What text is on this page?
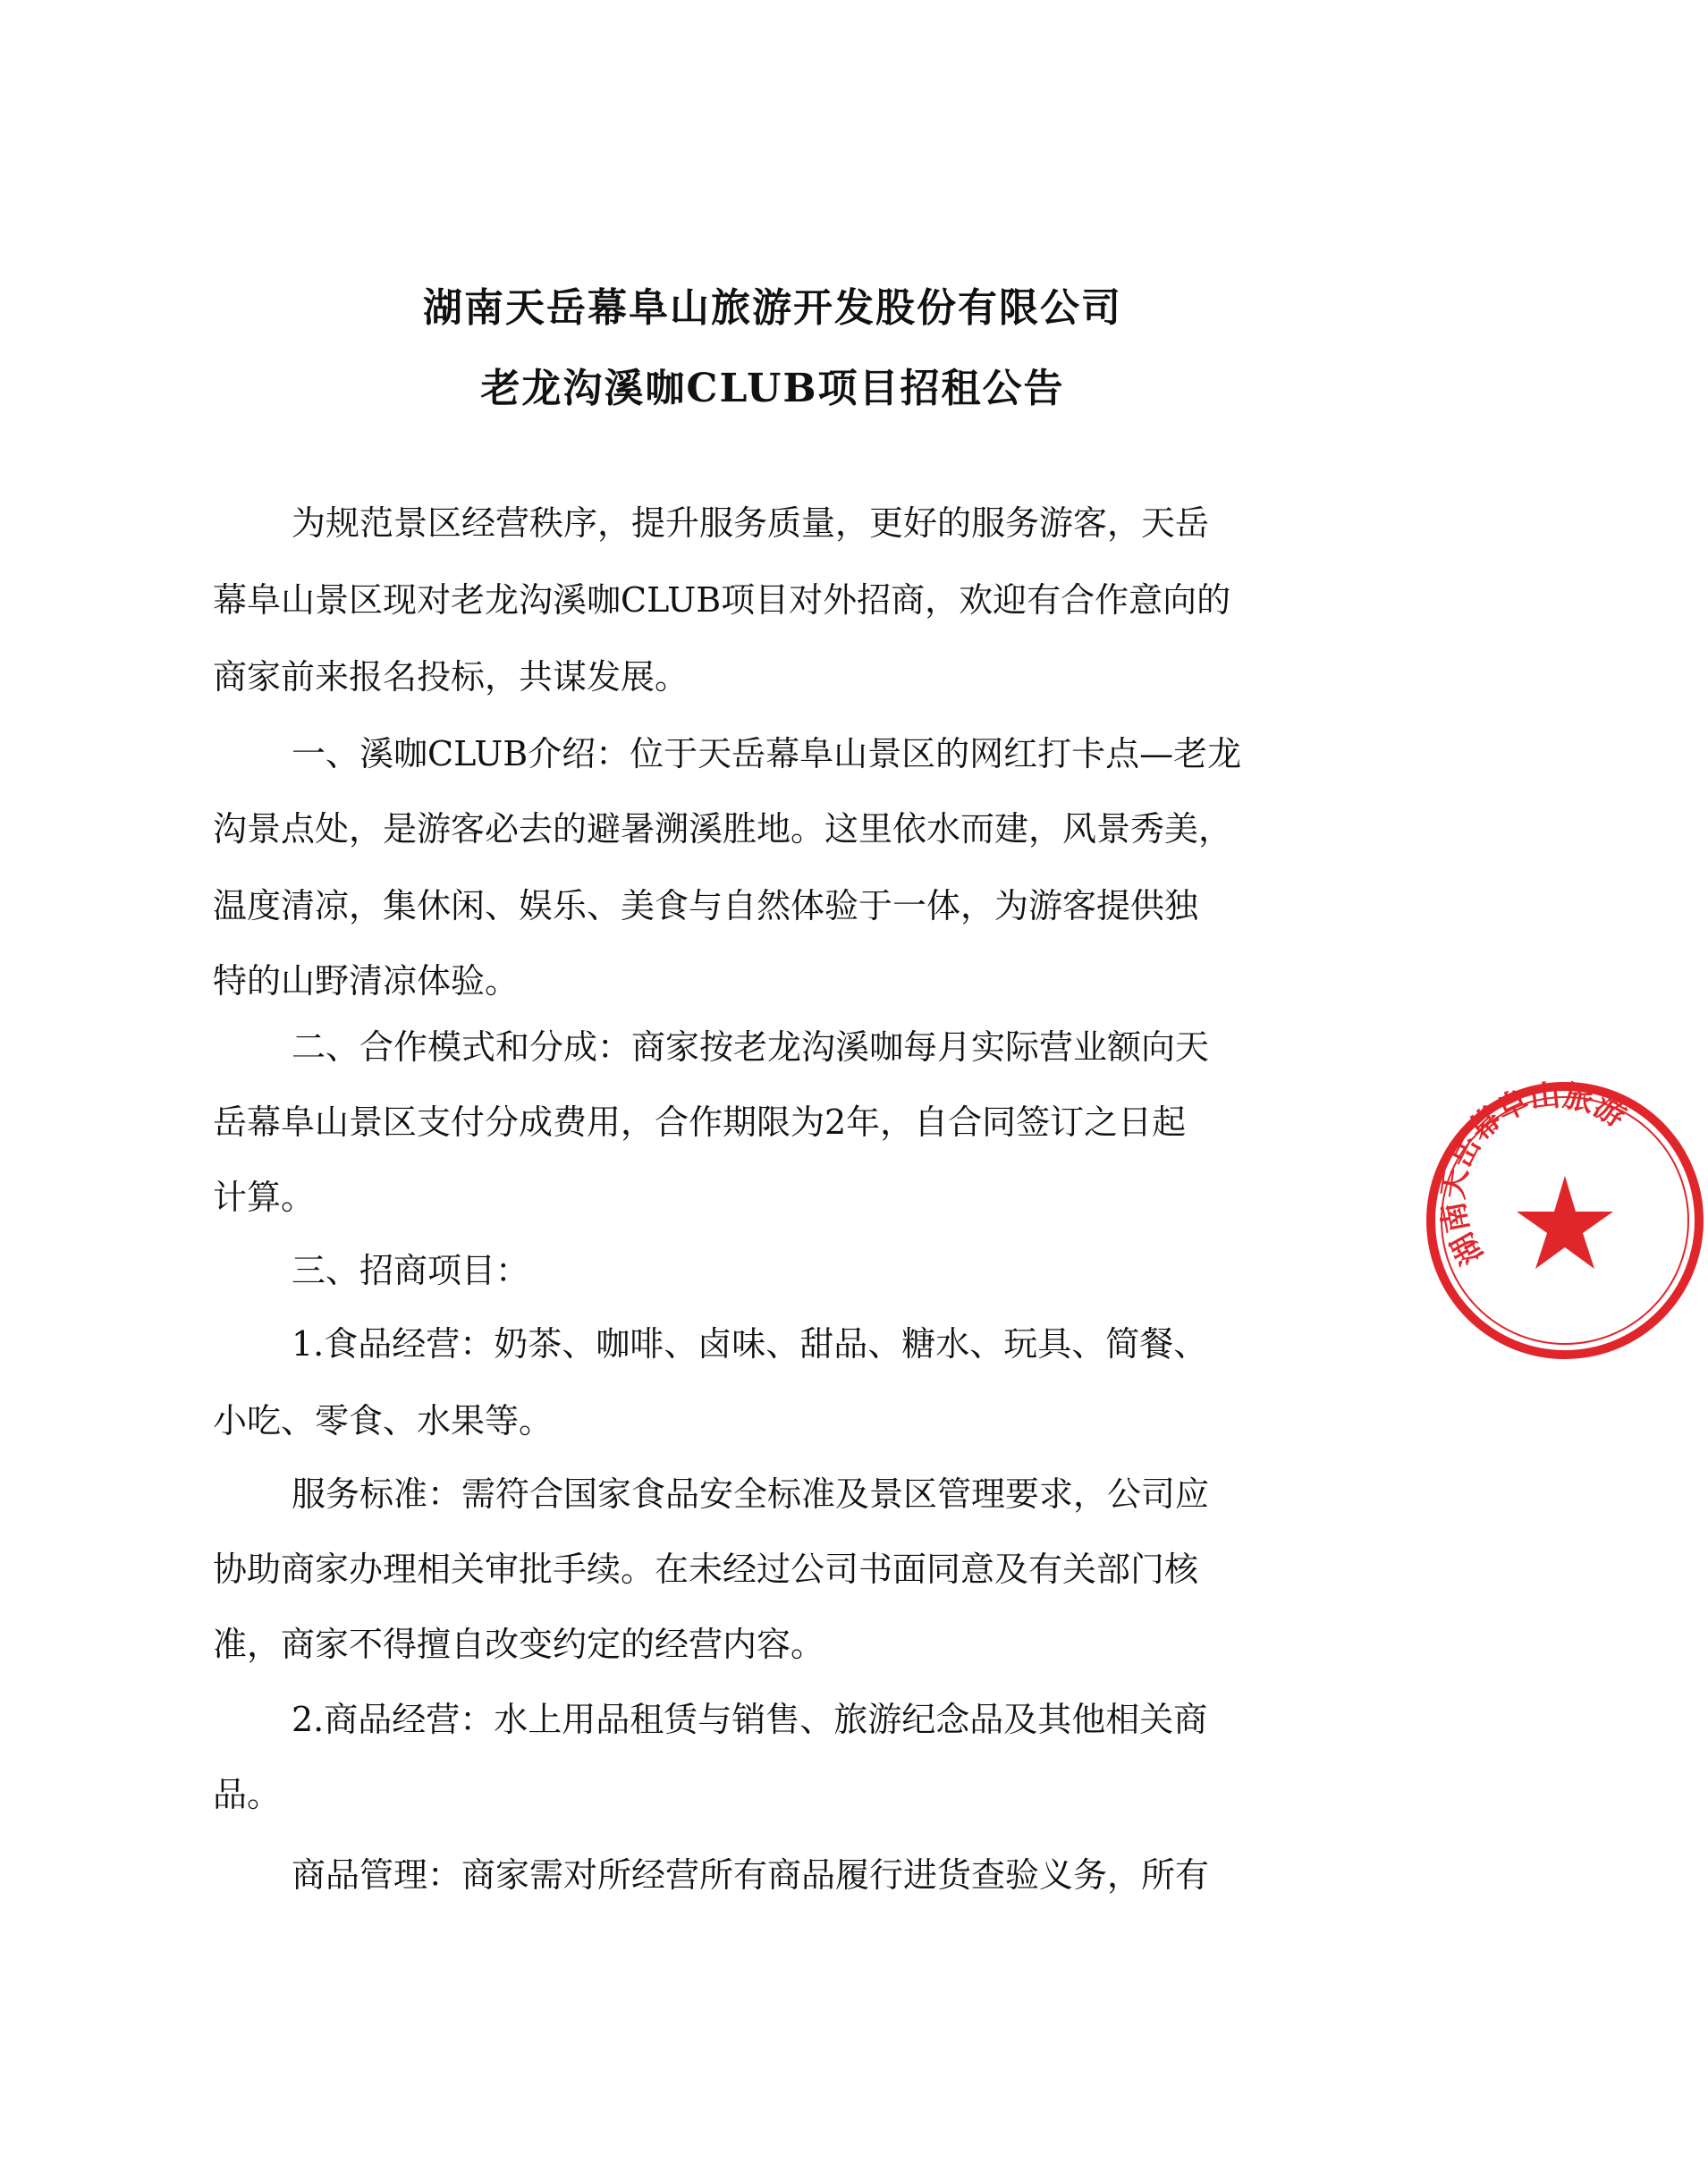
湖南天岳幕阜山旅游开发股份有限公司
老龙沟溪咖CLUB项目招租公告

为规范景区经营秩序，提升服务质量，更好的服务游客，天岳

幕阜山景区现对老龙沟溪咖CLUB项目对外招商，欢迎有合作意向的

商家前来报名投标，共谋发展。

一、溪咖CLUB介绍：位于天岳幕阜山景区的网红打卡点—老龙

沟景点处，是游客必去的避暑溯溪胜地。这里依水而建，风景秀美，

温度清凉，集休闲、娱乐、美食与自然体验于一体，为游客提供独

特的山野清凉体验。

二、合作模式和分成：商家按老龙沟溪咖每月实际营业额向天

岳幕阜山景区支付分成费用，合作期限为2年，自合同签订之日起

计算。

三、招商项目：

1.食品经营：奶茶、咖啡、卤味、甜品、糖水、玩具、简餐、

小吃、零食、水果等。

服务标准：需符合国家食品安全标准及景区管理要求，公司应

协助商家办理相关审批手续。在未经过公司书面同意及有关部门核

准，商家不得擅自改变约定的经营内容。

2.商品经营：水上用品租赁与销售、旅游纪念品及其他相关商

品。

商品管理：商家需对所经营所有商品履行进货查验义务，所有

湖南天岳幕阜山旅游
